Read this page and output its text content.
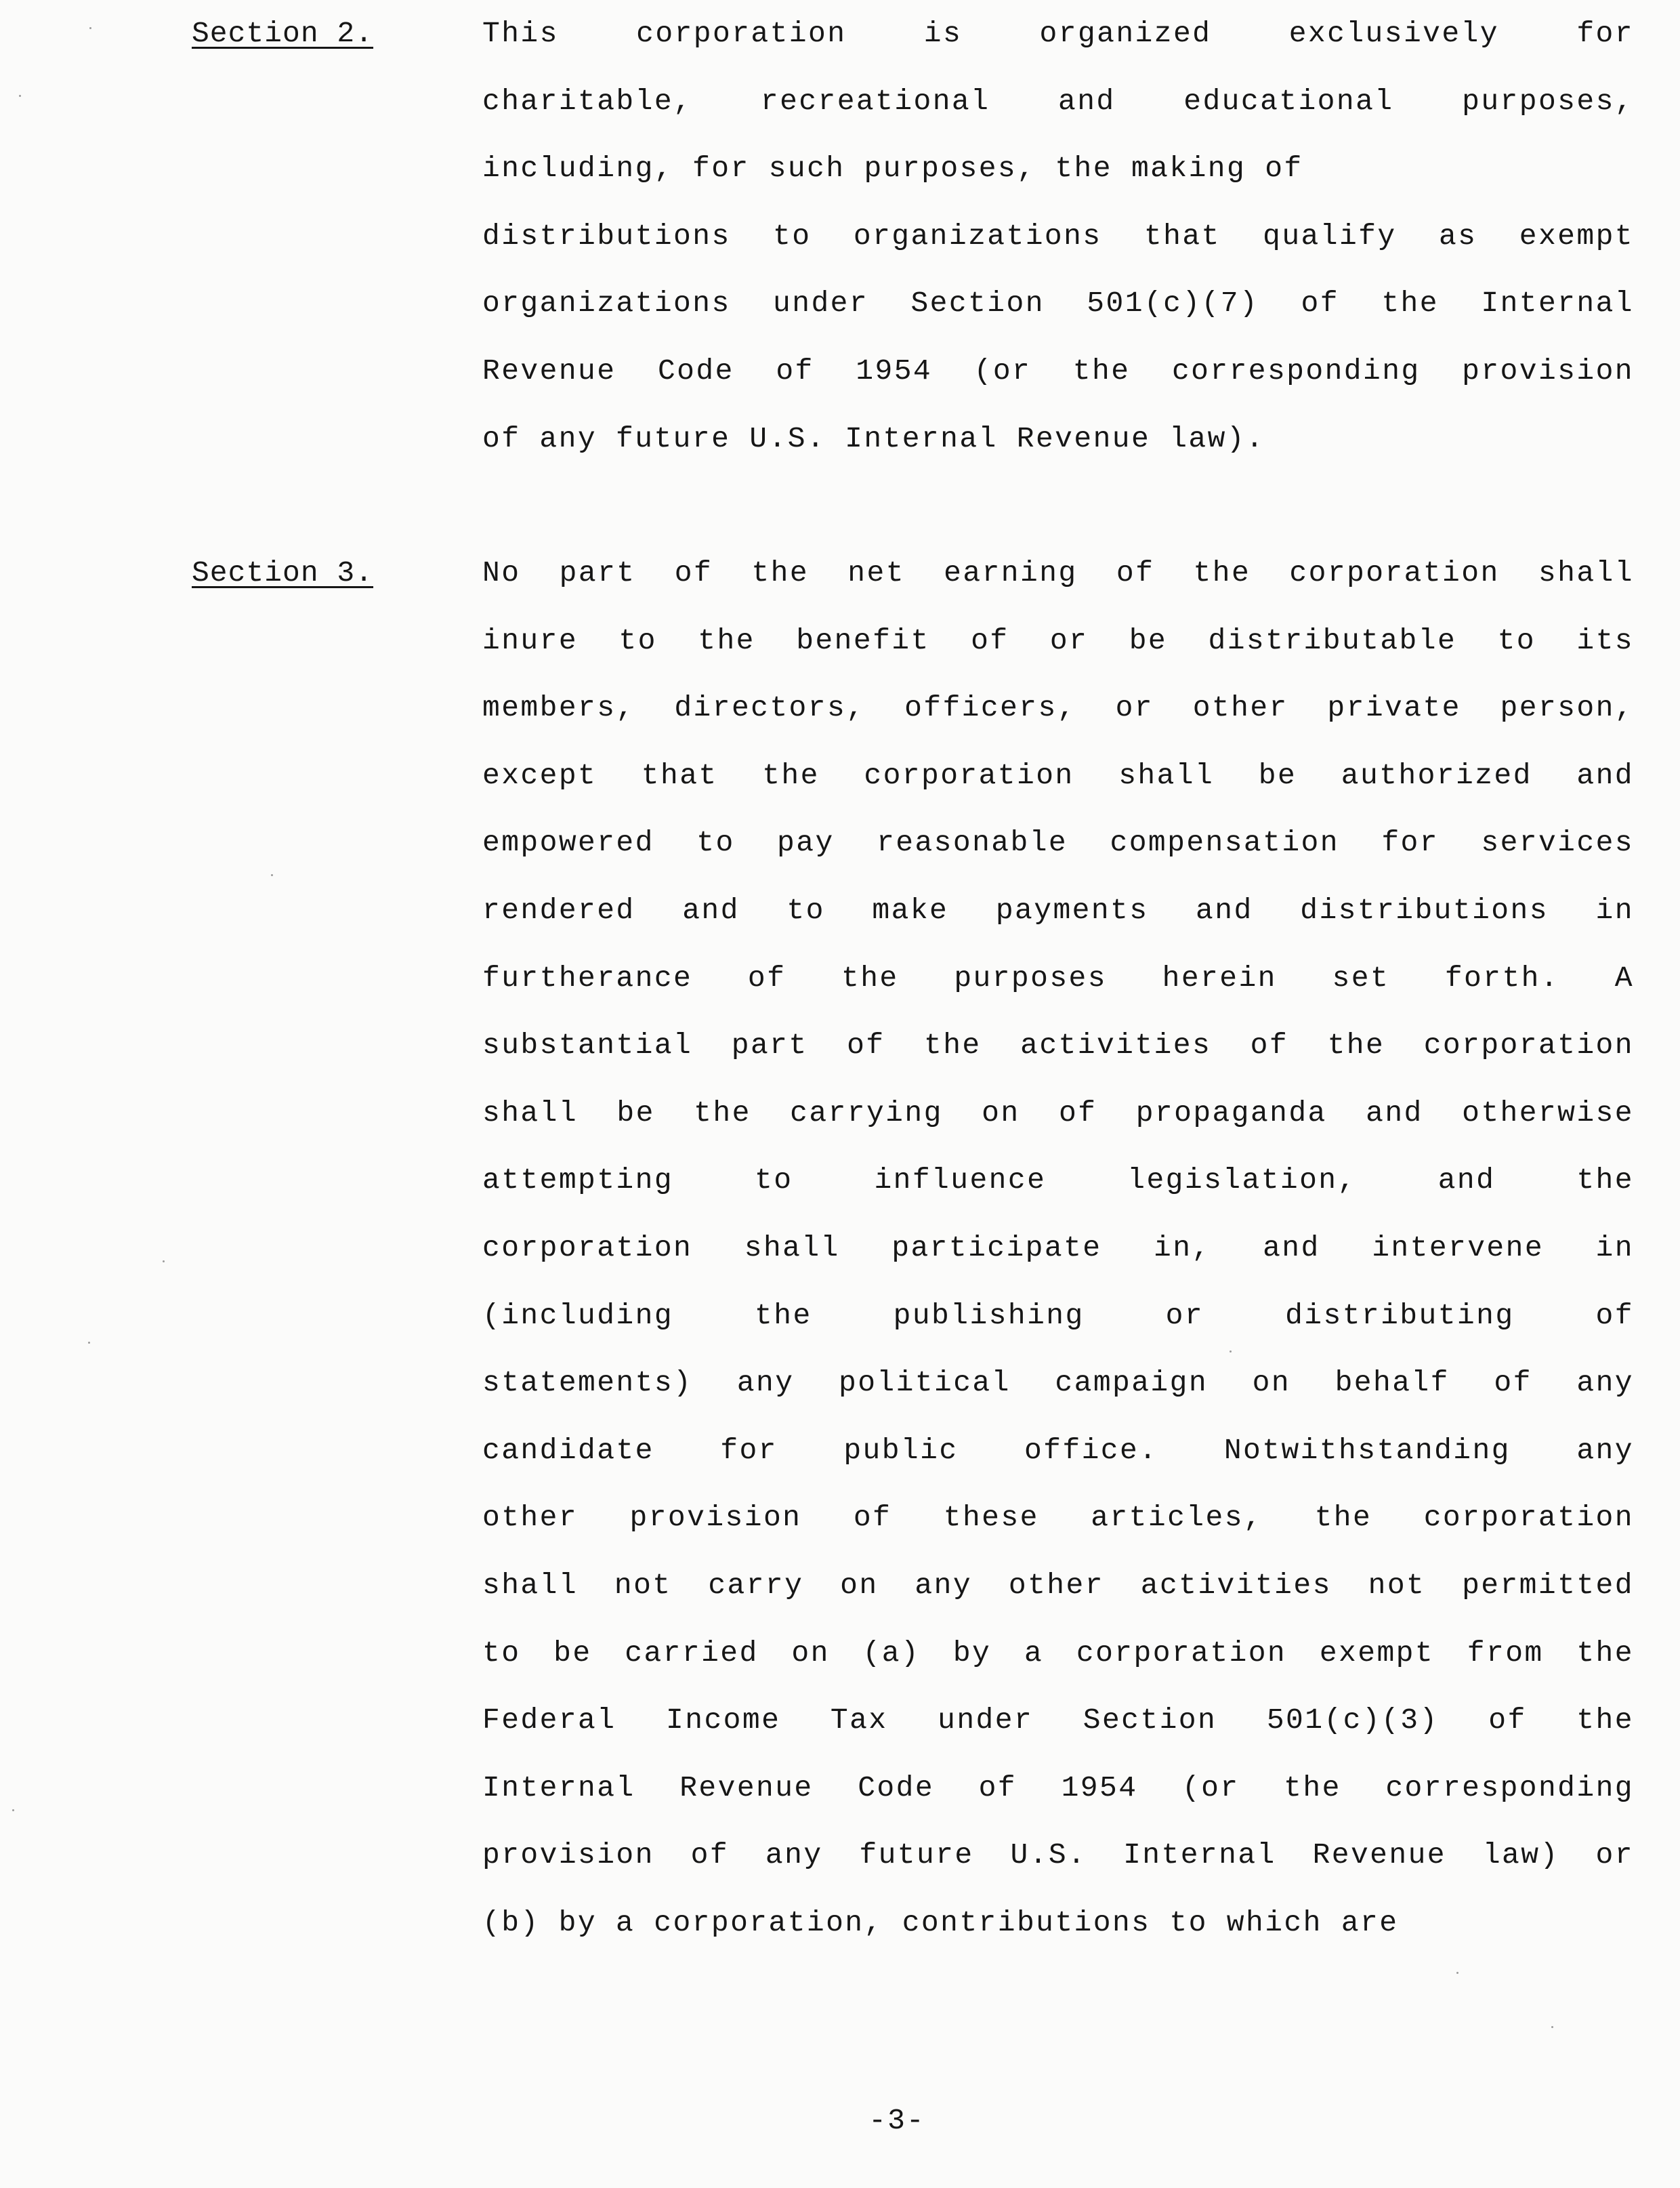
Section 2.	This	corporation	is	organized	exclusively	for
charitable, recreational and educational purposes,
including, for such purposes, the making of
distributions to organizations that qualify as exempt
organizations under Section 501(c)(7) of the Internal
Revenue Code of 1954 (or the corresponding provision
of any future U.S. Internal Revenue law).
Section 3.	No part of the net earning of the corporation shall
inure to the benefit of or be distributable to its
members, directors, officers, or other private person,
except that the corporation shall be authorized and
empowered to pay reasonable compensation for services
rendered and to make payments and distributions in
furtherance of the purposes herein set forth. A
substantial part of the activities of the corporation
shall be the carrying on of propaganda and otherwise
attempting	to	influence	legislation,	and	the
corporation shall participate in, and intervene in
(including	the	publishing	or	distributing	of
statements) any political campaign on behalf of any
candidate for public office. Notwithstanding any
other provision of these articles, the corporation
shall not carry on any other activities not permitted
to be carried on (a) by a corporation exempt from the
Federal Income Tax under Section 501(c)(3) of the
Internal Revenue Code of 1954 (or the corresponding
provision of any future U.S. Internal Revenue law) or
(b) by a corporation, contributions to which are
-3-
